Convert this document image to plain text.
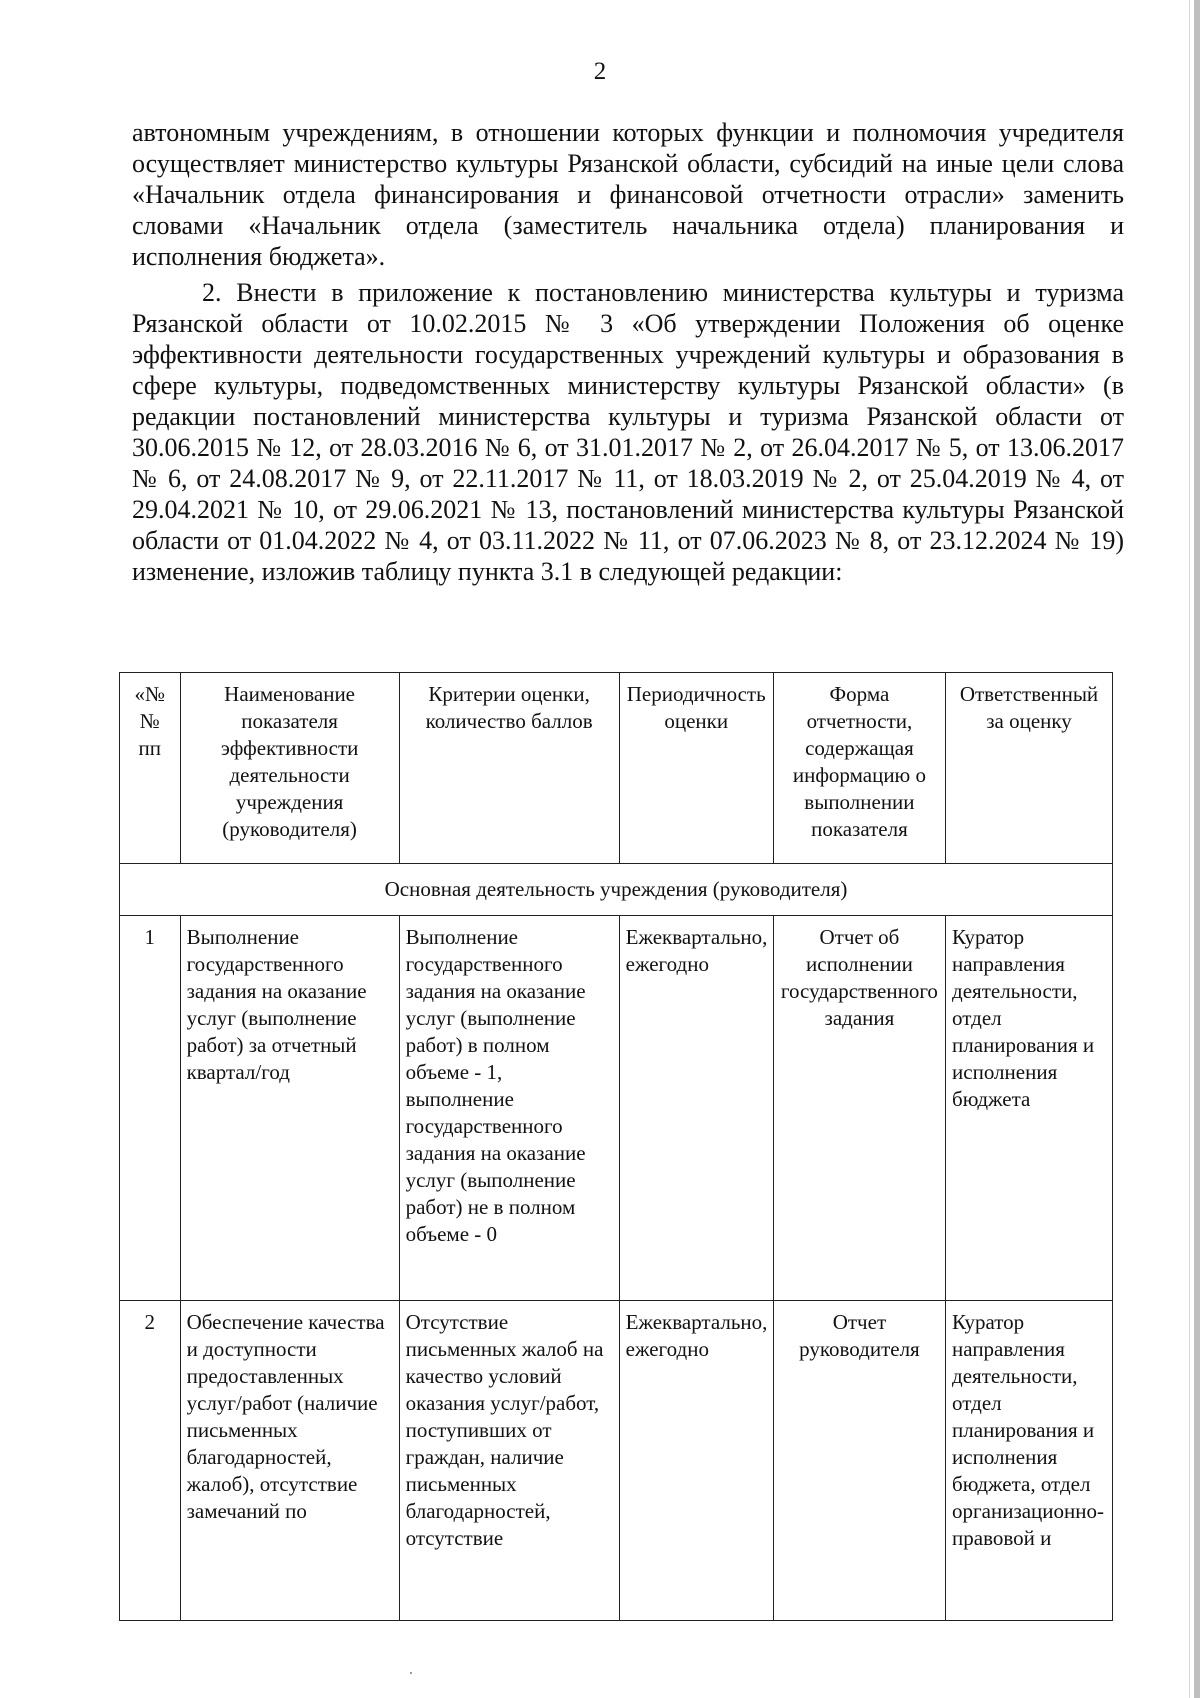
2

автономным учреждениям, в отношении которых функции и полномочия учредителя осуществляет министерство культуры Рязанской области, субсидий на иные цели слова «Начальник отдела финансирования и финансовой отчетности отрасли» заменить словами «Начальник отдела (заместитель начальника отдела) планирования и исполнения бюджета».

2. Внести в приложение к постановлению министерства культуры и туризма Рязанской области от 10.02.2015 № 3 «Об утверждении Положения об оценке эффективности деятельности государственных учреждений культуры и образования в сфере культуры, подведомственных министерству культуры Рязанской области» (в редакции постановлений министерства культуры и туризма Рязанской области от 30.06.2015 № 12, от 28.03.2016 № 6, от 31.01.2017 № 2, от 26.04.2017 № 5, от 13.06.2017 № 6, от 24.08.2017 № 9, от 22.11.2017 № 11, от 18.03.2019 № 2, от 25.04.2019 № 4, от 29.04.2021 № 10, от 29.06.2021 № 13, постановлений министерства культуры Рязанской области от 01.04.2022 № 4, от 03.11.2022 № 11, от 07.06.2023 № 8, от 23.12.2024 № 19) изменение, изложив таблицу пункта 3.1 в следующей редакции:

«№ № пп	Наименование показателя эффективности деятельности учреждения (руководителя)	Критерии оценки, количество баллов	Периодичность оценки	Форма отчетности, содержащая информацию о выполнении показателя	Ответственный за оценку
Основная деятельность учреждения (руководителя)					
1	Выполнение государственного задания на оказание услуг (выполнение работ) за отчетный квартал/год	Выполнение государственного задания на оказание услуг (выполнение работ) в полном объеме - 1, выполнение государственного задания на оказание услуг (выполнение работ) не в полном объеме - 0	Ежеквартально, ежегодно	Отчет об исполнении государственного задания	Куратор направления деятельности, отдел планирования и исполнения бюджета
2	Обеспечение качества и доступности предоставленных услуг/работ (наличие письменных благодарностей, жалоб), отсутствие замечаний по	Отсутствие письменных жалоб на качество условий оказания услуг/работ, поступивших от граждан, наличие письменных благодарностей, отсутствие	Ежеквартально, ежегодно	Отчет руководителя	Куратор направления деятельности, отдел планирования и исполнения бюджета, отдел организационно-правовой и
